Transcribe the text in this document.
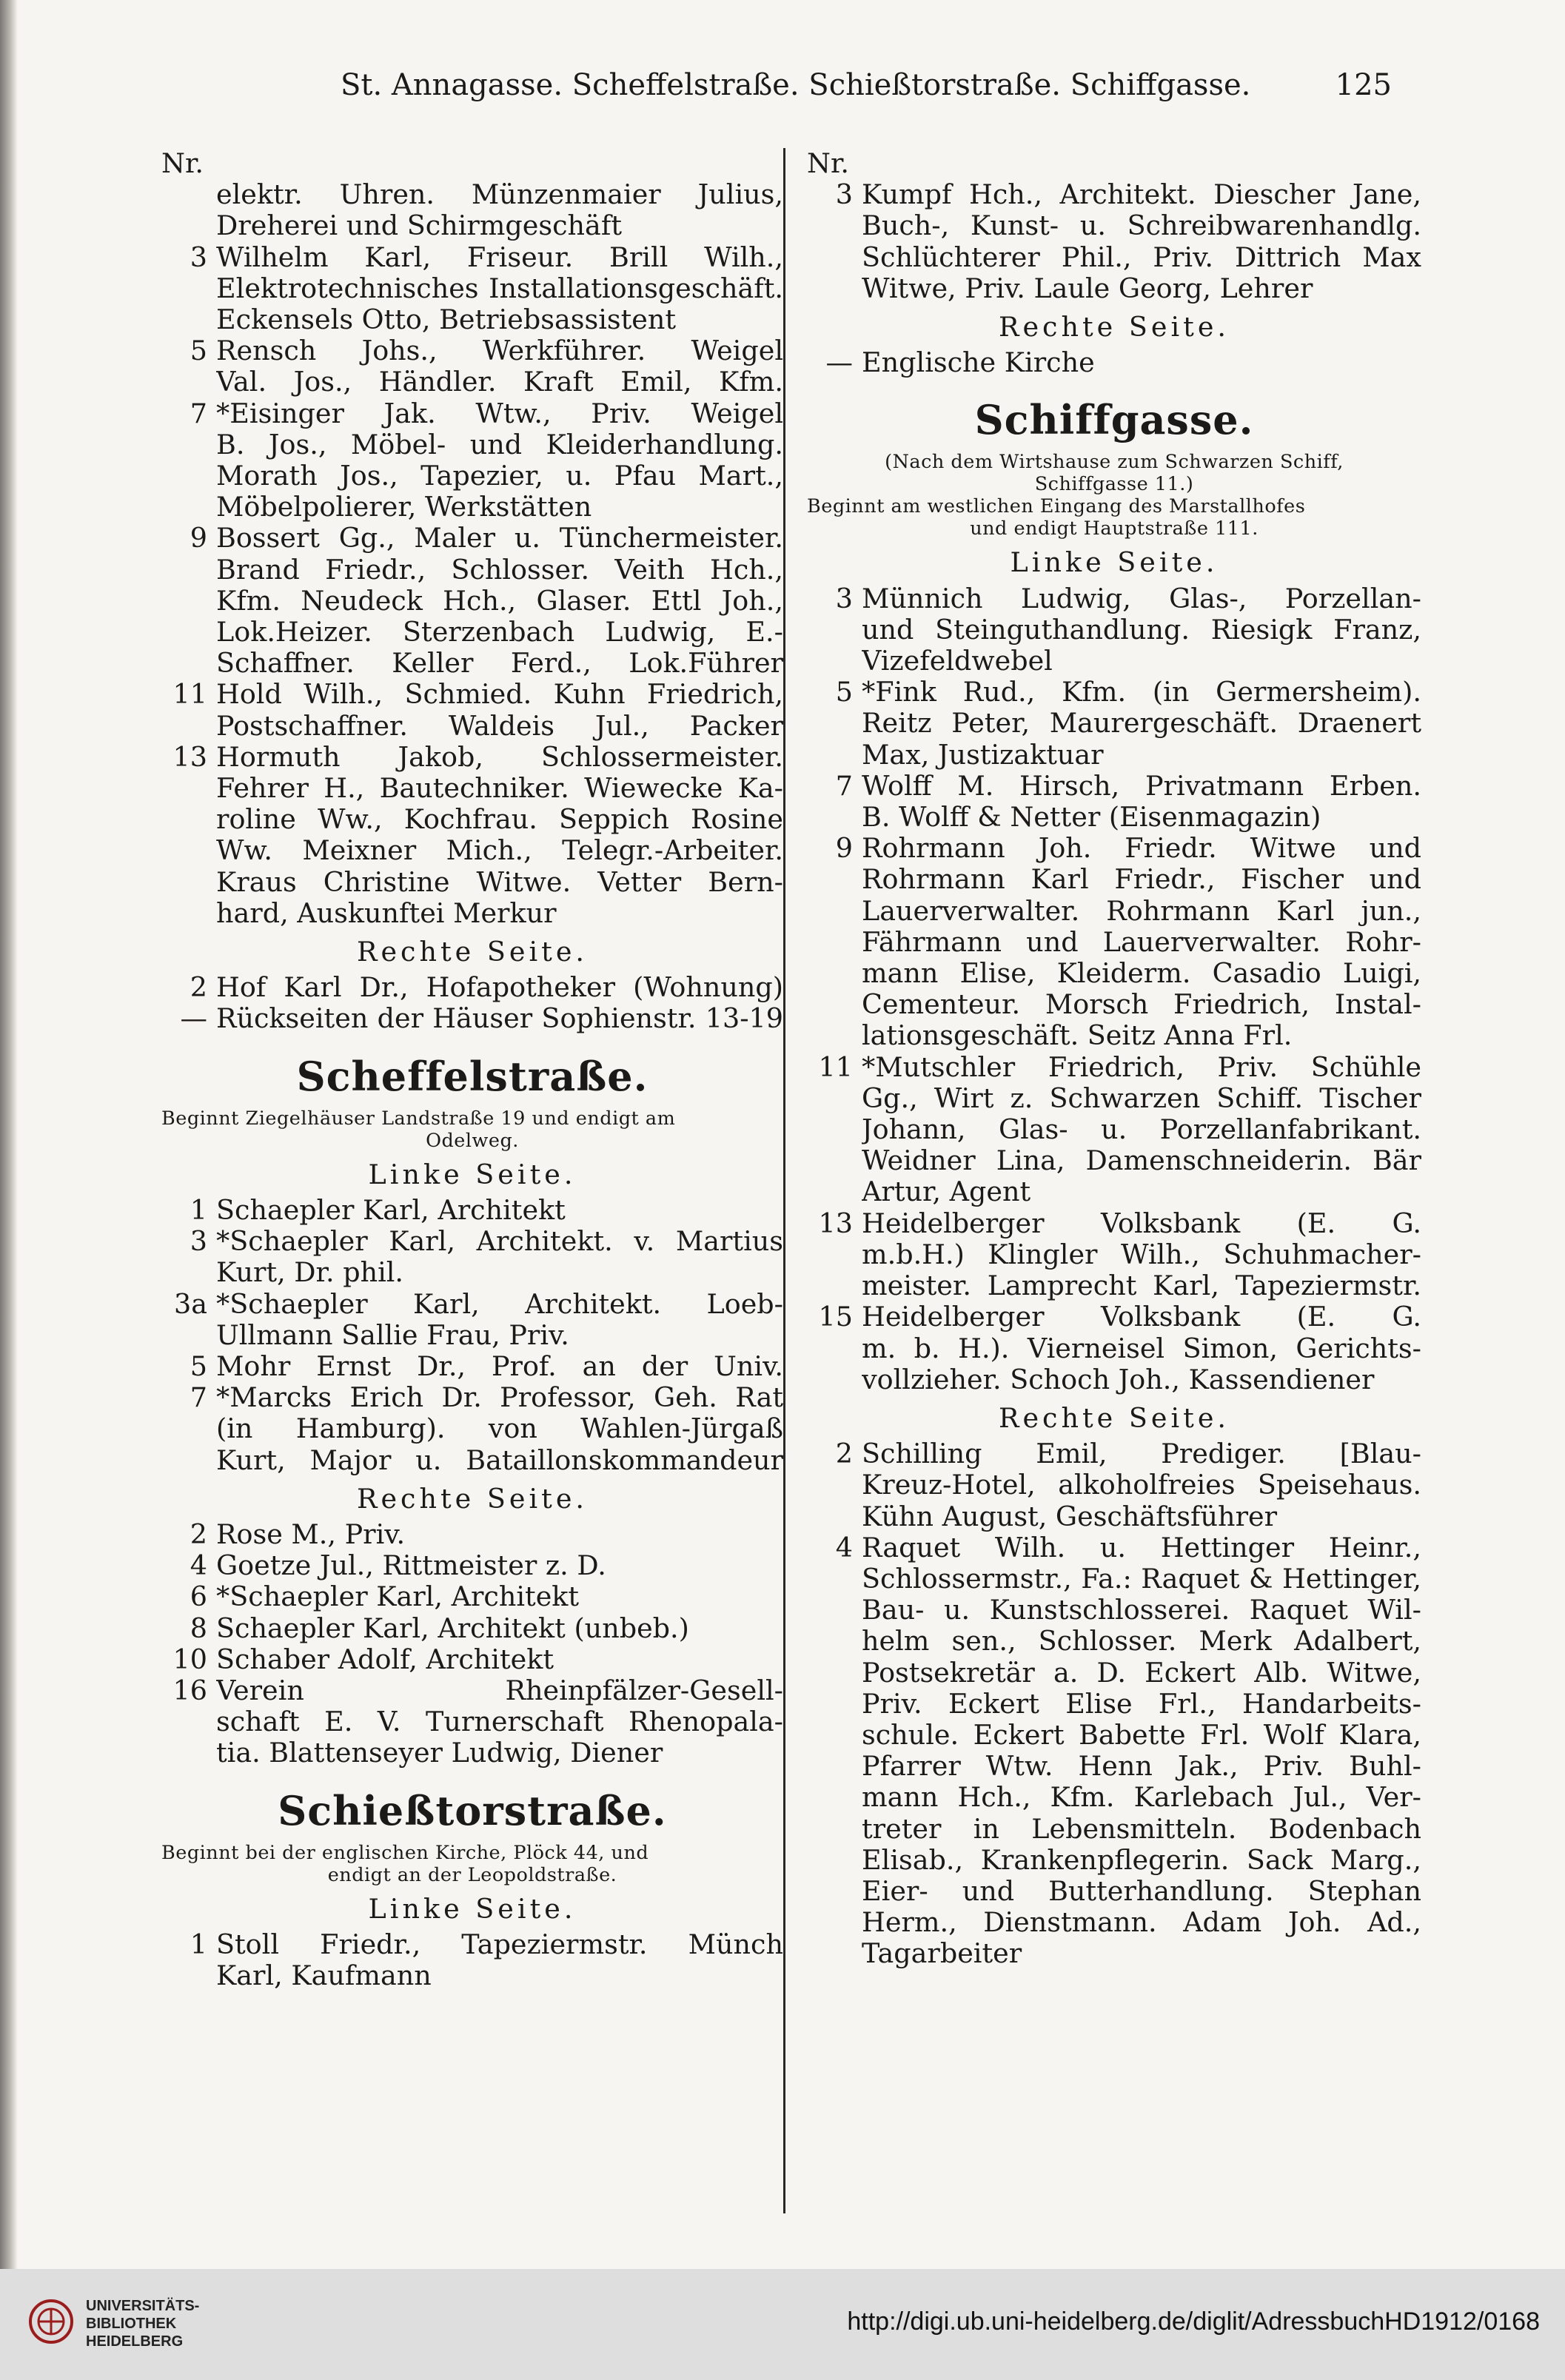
St. Annagasse. Scheffelstraße. Schießtorstraße. Schiffgasse.	125
Nr.
elektr. Uhren. Münzenmaier Julius,
Dreherei und Schirmgeschäft
3 Wilhelm Karl, Friseur. Brill Wilh.,
Elektrotechnisches Installationsgeschäft.
Eckensels Otto, Betriebsassistent
5 Rensch Johs., Werkführer. Weigel
Val. Jos., Händler. Kraft Emil, Kfm.
7 *Eisinger Jak. Wtw., Priv. Weigel
B. Jos., Möbel- und Kleiderhandlung.
Morath Jos., Tapezier, u. Pfau Mart.,
Möbelpolierer, Werkstätten
9 Bossert Gg., Maler u. Tünchermeister.
Brand Friedr., Schlosser. Veith Hch.,
Kfm. Neudeck Hch., Glaser. Ettl Joh.,
Lok.Heizer. Sterzenbach Ludwig, E.-
Schaffner. Keller Ferd., Lok.Führer
11 Hold Wilh., Schmied. Kuhn Friedrich,
Postschaffner. Waldeis Jul., Packer
13 Hormuth Jakob, Schlossermeister.
Fehrer H., Bautechniker. Wiewecke Ka-
roline Ww., Kochfrau. Seppich Rosine
Ww. Meixner Mich., Telegr.-Arbeiter.
Kraus Christine Witwe. Vetter Bern-
hard, Auskunftei Merkur
Rechte Seite.
2 Hof Karl Dr., Hofapotheker (Wohnung)
— Rückseiten der Häuser Sophienstr. 13-19
Scheffelstraße.
Beginnt Ziegelhäuser Landstraße 19 und endigt am
Odelweg.
Linke Seite.
1 Schaepler Karl, Architekt
3 *Schaepler Karl, Architekt. v. Martius
Kurt, Dr. phil.
3a *Schaepler Karl, Architekt. Loeb-
Ullmann Sallie Frau, Priv.
5 Mohr Ernst Dr., Prof. an der Univ.
7 *Marcks Erich Dr. Professor, Geh. Rat
(in Hamburg). von Wahlen-Jürgaß
Kurt, Major u. Bataillonskommandeur
Rechte Seite.
2 Rose M., Priv.
4 Goetze Jul., Rittmeister z. D.
6 *Schaepler Karl, Architekt
8 Schaepler Karl, Architekt (unbeb.)
10 Schaber Adolf, Architekt
16 Verein Rheinpfälzer-Gesell-
schaft E. V. Turnerschaft Rhenopala-
tia. Blattenseyer Ludwig, Diener
Schießtorstraße.
Beginnt bei der englischen Kirche, Plöck 44, und
endigt an der Leopoldstraße.
Linke Seite.
1 Stoll Friedr., Tapeziermstr. Münch
Karl, Kaufmann
Nr.
3 Kumpf Hch., Architekt. Diescher Jane,
Buch-, Kunst- u. Schreibwarenhandlg.
Schlüchterer Phil., Priv. Dittrich Max
Witwe, Priv. Laule Georg, Lehrer
Rechte Seite.
— Englische Kirche
Schiffgasse.
(Nach dem Wirtshause zum Schwarzen Schiff,
Schiffgasse 11.)
Beginnt am westlichen Eingang des Marstallhofes
und endigt Hauptstraße 111.
Linke Seite.
3 Münnich Ludwig, Glas-, Porzellan-
und Steinguthandlung. Riesigk Franz,
Vizefeldwebel
5 *Fink Rud., Kfm. (in Germersheim).
Reitz Peter, Maurergeschäft. Draenert
Max, Justizaktuar
7 Wolff M. Hirsch, Privatmann Erben.
B. Wolff & Netter (Eisenmagazin)
9 Rohrmann Joh. Friedr. Witwe und
Rohrmann Karl Friedr., Fischer und
Lauerverwalter. Rohrmann Karl jun.,
Fährmann und Lauerverwalter. Rohr-
mann Elise, Kleiderm. Casadio Luigi,
Cementeur. Morsch Friedrich, Instal-
lationsgeschäft. Seitz Anna Frl.
11 *Mutschler Friedrich, Priv. Schühle
Gg., Wirt z. Schwarzen Schiff. Tischer
Johann, Glas- u. Porzellanfabrikant.
Weidner Lina, Damenschneiderin. Bär
Artur, Agent
13 Heidelberger Volksbank (E. G.
m.b.H.) Klingler Wilh., Schuhmacher-
meister. Lamprecht Karl, Tapeziermstr.
15 Heidelberger Volksbank (E. G.
m. b. H.). Vierneisel Simon, Gerichts-
vollzieher. Schoch Joh., Kassendiener
Rechte Seite.
2 Schilling Emil, Prediger. [Blau-
Kreuz-Hotel, alkoholfreies Speisehaus.
Kühn August, Geschäftsführer
4 Raquet Wilh. u. Hettinger Heinr.,
Schlossermstr., Fa.: Raquet & Hettinger,
Bau- u. Kunstschlosserei. Raquet Wil-
helm sen., Schlosser. Merk Adalbert,
Postsekretär a. D. Eckert Alb. Witwe,
Priv. Eckert Elise Frl., Handarbeits-
schule. Eckert Babette Frl. Wolf Klara,
Pfarrer Wtw. Henn Jak., Priv. Buhl-
mann Hch., Kfm. Karlebach Jul., Ver-
treter in Lebensmitteln. Bodenbach
Elisab., Krankenpflegerin. Sack Marg.,
Eier- und Butterhandlung. Stephan
Herm., Dienstmann. Adam Joh. Ad.,
Tagarbeiter
UNIVERSITÄTS-
BIBLIOTHEK
HEIDELBERG
http://digi.ub.uni-heidelberg.de/diglit/AdressbuchHD1912/0168
